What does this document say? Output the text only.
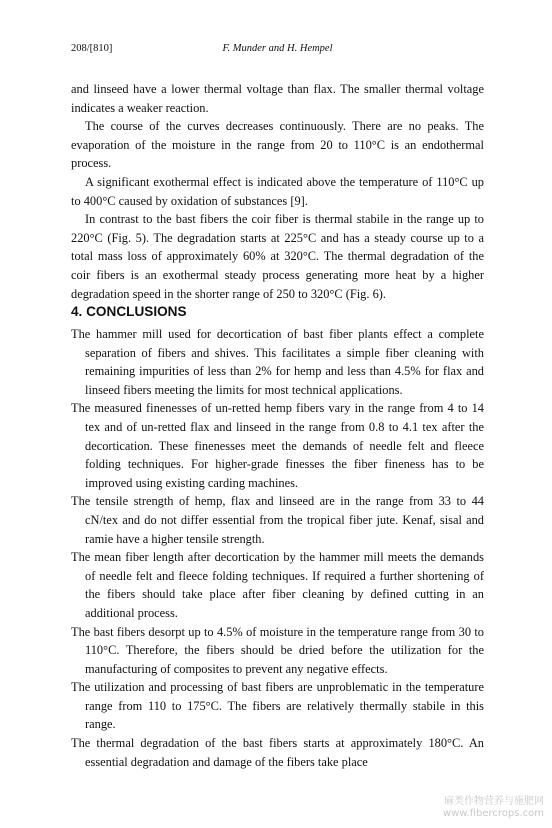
208/[810]	F. Munder and H. Hempel

and linseed have a lower thermal voltage than flax. The smaller thermal voltage indicates a weaker reaction.

The course of the curves decreases continuously. There are no peaks. The evaporation of the moisture in the range from 20 to 110°C is an endothermal process.

A significant exothermal effect is indicated above the temperature of 110°C up to 400°C caused by oxidation of substances [9].

In contrast to the bast fibers the coir fiber is thermal stabile in the range up to 220°C (Fig. 5). The degradation starts at 225°C and has a steady course up to a total mass loss of approximately 60% at 320°C. The thermal degradation of the coir fibers is an exothermal steady process generating more heat by a higher degradation speed in the shorter range of 250 to 320°C (Fig. 6).

4. CONCLUSIONS

The hammer mill used for decortication of bast fiber plants effect a complete separation of fibers and shives. This facilitates a simple fiber cleaning with remaining impurities of less than 2% for hemp and less than 4.5% for flax and linseed fibers meeting the limits for most technical applications.

The measured finenesses of un-retted hemp fibers vary in the range from 4 to 14 tex and of un-retted flax and linseed in the range from 0.8 to 4.1 tex after the decortication. These finenesses meet the demands of needle felt and fleece folding techniques. For higher-grade finesses the fiber fineness has to be improved using existing carding machines.

The tensile strength of hemp, flax and linseed are in the range from 33 to 44 cN/tex and do not differ essential from the tropical fiber jute. Kenaf, sisal and ramie have a higher tensile strength.

The mean fiber length after decortication by the hammer mill meets the demands of needle felt and fleece folding techniques. If required a further shortening of the fibers should take place after fiber cleaning by defined cutting in an additional process.

The bast fibers desorpt up to 4.5% of moisture in the temperature range from 30 to 110°C. Therefore, the fibers should be dried before the utilization for the manufacturing of composites to prevent any negative effects.

The utilization and processing of bast fibers are unproblematic in the temperature range from 110 to 175°C. The fibers are relatively thermally stabile in this range.

The thermal degradation of the bast fibers starts at approximately 180°C. An essential degradation and damage of the fibers take place

麻类作物营养与施肥网
www.fibercrops.com
